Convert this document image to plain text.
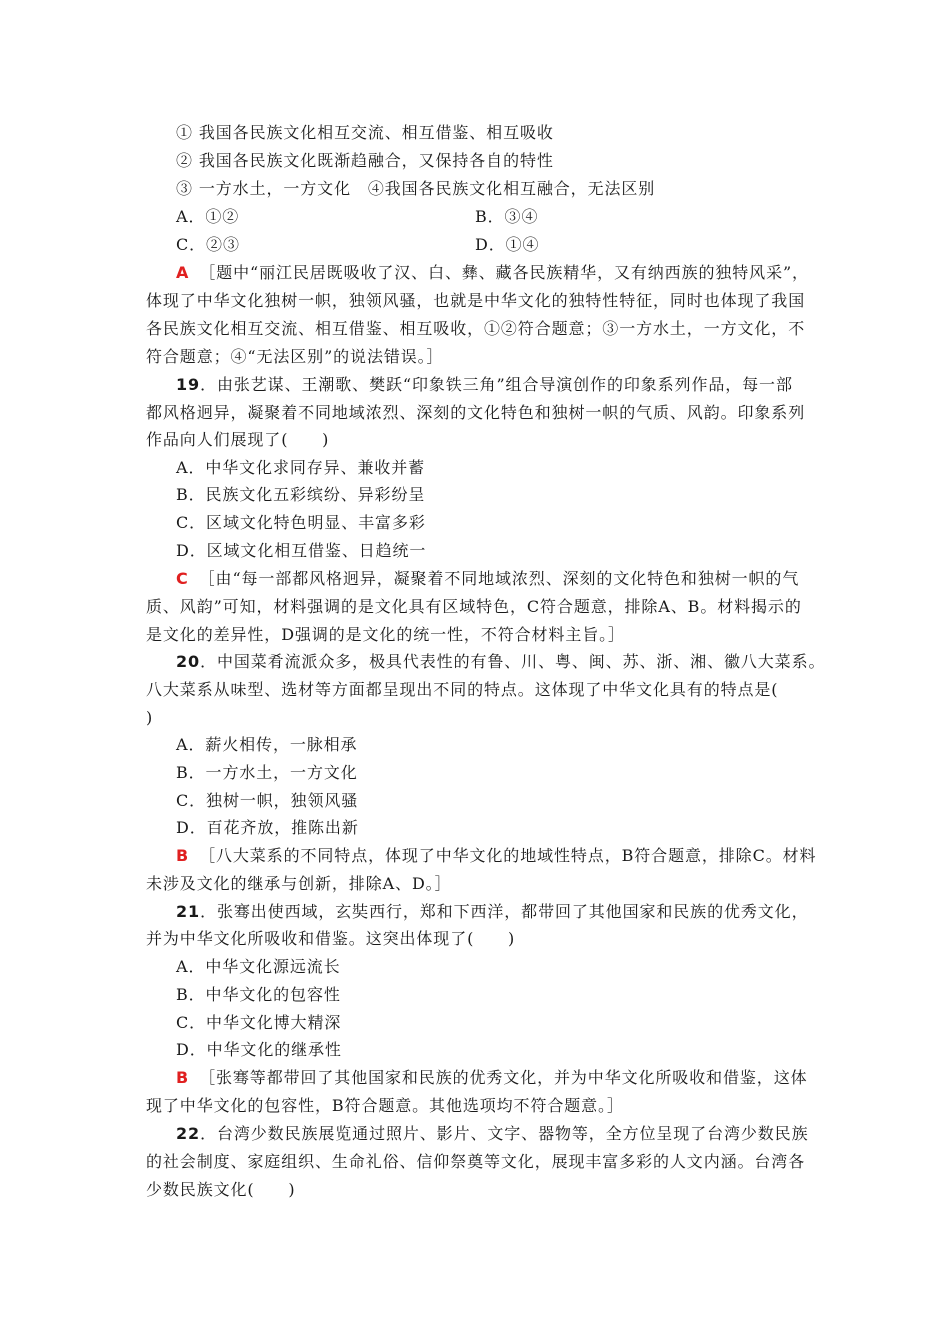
① 我国各民族文化相互交流、相互借鉴、相互吸收
② 我国各民族文化既渐趋融合，又保持各自的特性
③ 一方水土，一方文化　④我国各民族文化相互融合，无法区别
A．①②	B．③④
C．②③	D．①④
A ［题中“丽江民居既吸收了汉、白、彝、藏各民族精华，又有纳西族的独特风采”，
体现了中华文化独树一帜，独领风骚，也就是中华文化的独特性特征，同时也体现了我国
各民族文化相互交流、相互借鉴、相互吸收，①②符合题意；③一方水土，一方文化，不
符合题意；④“无法区别”的说法错误。］
19．由张艺谋、王潮歌、樊跃“印象铁三角”组合导演创作的印象系列作品，每一部
都风格迥异，凝聚着不同地域浓烈、深刻的文化特色和独树一帜的气质、风韵。印象系列
作品向人们展现了(　　)
A．中华文化求同存异、兼收并蓄
B．民族文化五彩缤纷、异彩纷呈
C．区域文化特色明显、丰富多彩
D．区域文化相互借鉴、日趋统一
C ［由“每一部都风格迥异，凝聚着不同地域浓烈、深刻的文化特色和独树一帜的气
质、风韵”可知，材料强调的是文化具有区域特色，C符合题意，排除A、B。材料揭示的
是文化的差异性，D强调的是文化的统一性，不符合材料主旨。］
20．中国菜肴流派众多，极具代表性的有鲁、川、粤、闽、苏、浙、湘、徽八大菜系。
八大菜系从味型、选材等方面都呈现出不同的特点。这体现了中华文化具有的特点是(
)
A．薪火相传，一脉相承
B．一方水土，一方文化
C．独树一帜，独领风骚
D．百花齐放，推陈出新
B ［八大菜系的不同特点，体现了中华文化的地域性特点，B符合题意，排除C。材料
未涉及文化的继承与创新，排除A、D。］
21．张骞出使西域，玄奘西行，郑和下西洋，都带回了其他国家和民族的优秀文化，
并为中华文化所吸收和借鉴。这突出体现了(　　)
A．中华文化源远流长
B．中华文化的包容性
C．中华文化博大精深
D．中华文化的继承性
B ［张骞等都带回了其他国家和民族的优秀文化，并为中华文化所吸收和借鉴，这体
现了中华文化的包容性，B符合题意。其他选项均不符合题意。］
22．台湾少数民族展览通过照片、影片、文字、器物等，全方位呈现了台湾少数民族
的社会制度、家庭组织、生命礼俗、信仰祭奠等文化，展现丰富多彩的人文内涵。台湾各
少数民族文化(　　)
